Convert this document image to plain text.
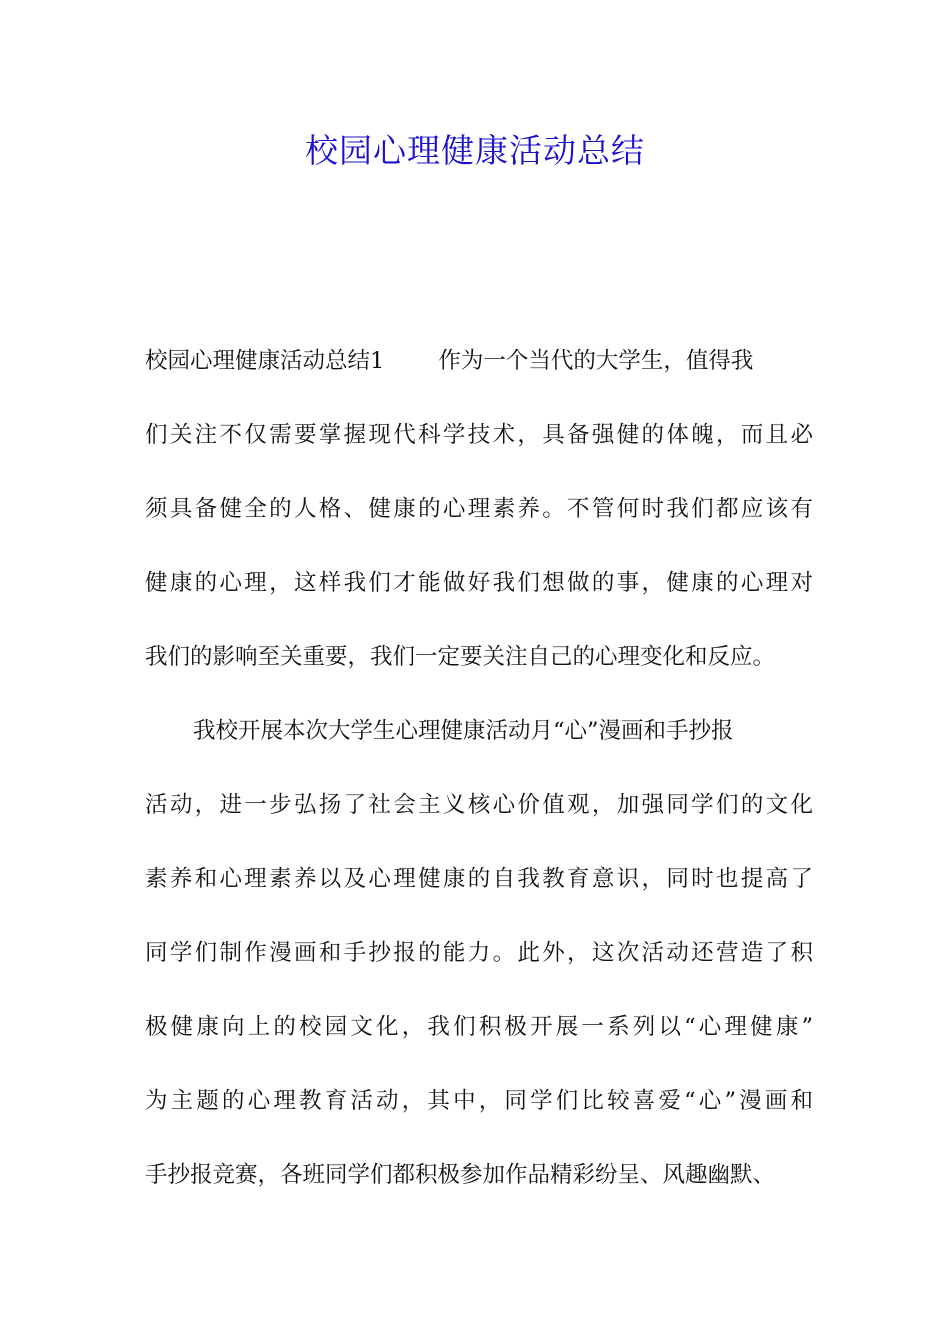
校园心理健康活动总结
校园心理健康活动总结1 作为一个当代的大学生，值得我
们关注不仅需要掌握现代科学技术，具备强健的体魄，而且必
须具备健全的人格、健康的心理素养。不管何时我们都应该有
健康的心理，这样我们才能做好我们想做的事，健康的心理对
我们的影响至关重要，我们一定要关注自己的心理变化和反应。
我校开展本次大学生心理健康活动月“心”漫画和手抄报
活动，进一步弘扬了社会主义核心价值观，加强同学们的文化
素养和心理素养以及心理健康的自我教育意识，同时也提高了
同学们制作漫画和手抄报的能力。此外，这次活动还营造了积
极健康向上的校园文化，我们积极开展一系列以“心理健康”
为主题的心理教育活动，其中，同学们比较喜爱“心”漫画和
手抄报竞赛，各班同学们都积极参加作品精彩纷呈、风趣幽默、
